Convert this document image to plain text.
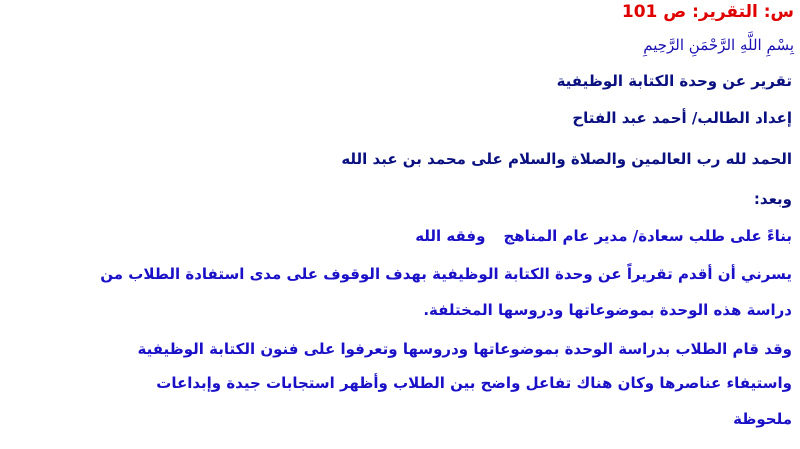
س: التقرير: ص 101
بِسْمِ اللَّهِ الرَّحْمَنِ الرَّحِيمِ
تقرير عن وحدة الكتابة الوظيفية
إعداد الطالب/ أحمد عبد الفتاح
الحمد لله رب العالمين والصلاة والسلام على محمد بن عبد الله
وبعد:
بناءً على طلب سعادة/ مدير عام المناهجوفقه الله
يسرني أن أقدم تقريراً عن وحدة الكتابة الوظيفية بهدف الوقوف على مدى استفادة الطلاب من
دراسة هذه الوحدة بموضوعاتها ودروسها المختلفة.
وقد قام الطلاب بدراسة الوحدة بموضوعاتها ودروسها وتعرفوا على فنون الكتابة الوظيفية
واستيفاء عناصرها وكان هناك تفاعل واضح بين الطلاب وأظهر استجابات جيدة وإبداعات
ملحوظة
